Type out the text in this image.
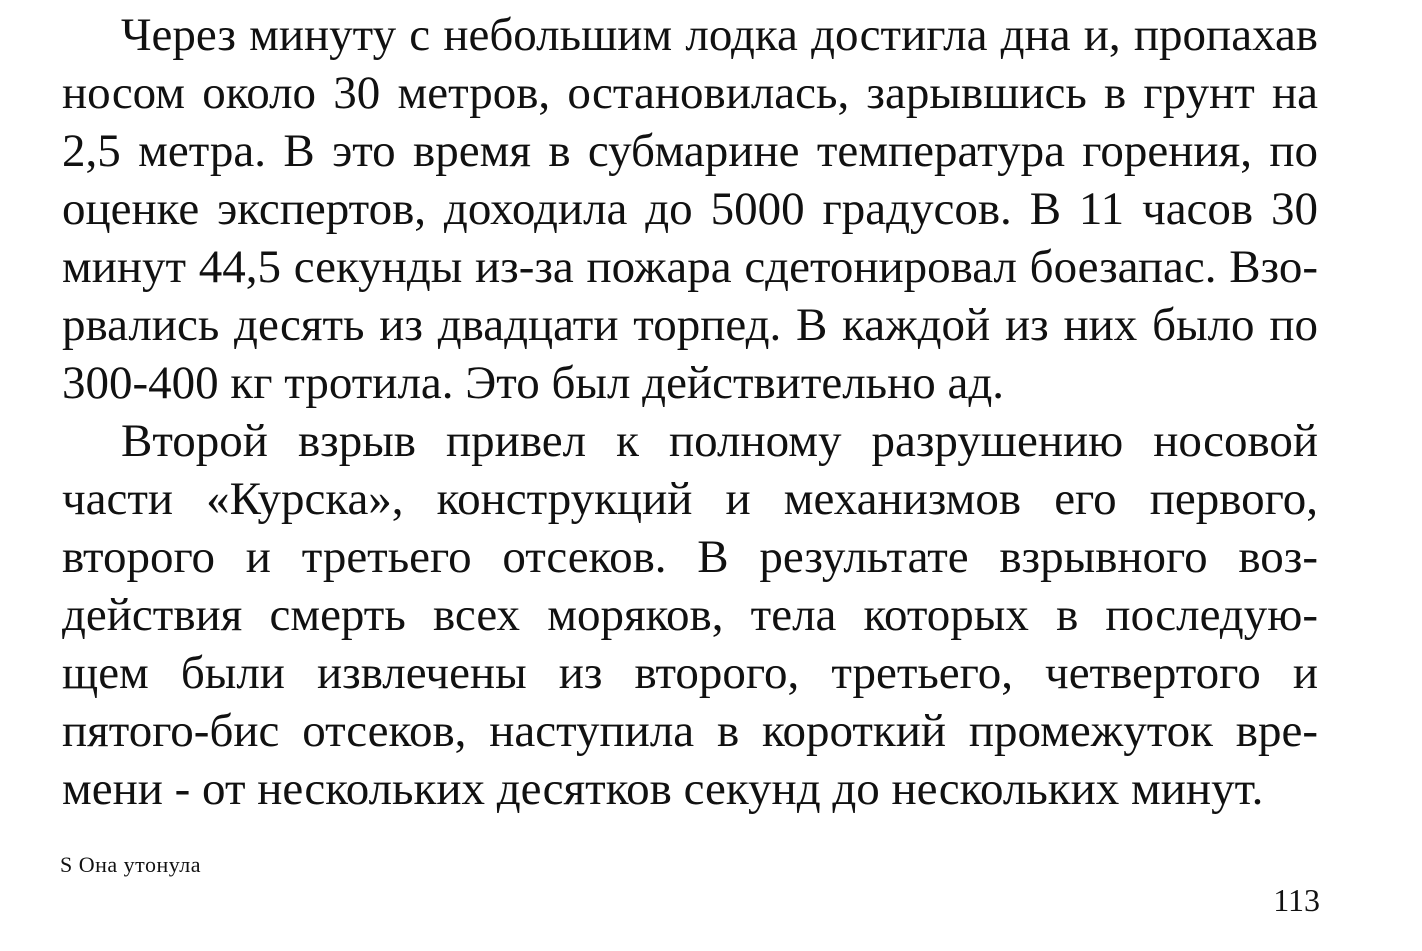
Через минуту с небольшим лодка достигла дна и, пропахав
носом около 30 метров, остановилась, зарывшись в грунт на
2,5 метра. В это время в субмарине температура горения, по
оценке экспертов, доходила до 5000 градусов. В 11 часов 30
минут 44,5 секунды из-за пожара сдетонировал боезапас. Взо-
рвались десять из двадцати торпед. В каждой из них было по
300-400 кг тротила. Это был действительно ад.
Второй взрыв привел к полному разрушению носовой
части «Курска», конструкций и механизмов его первого,
второго и третьего отсеков. В результате взрывного воз-
действия смерть всех моряков, тела которых в последую-
щем были извлечены из второго, третьего, четвертого и
пятого-бис отсеков, наступила в короткий промежуток вре-
мени - от нескольких десятков секунд до нескольких минут.
S Она утонула
113
